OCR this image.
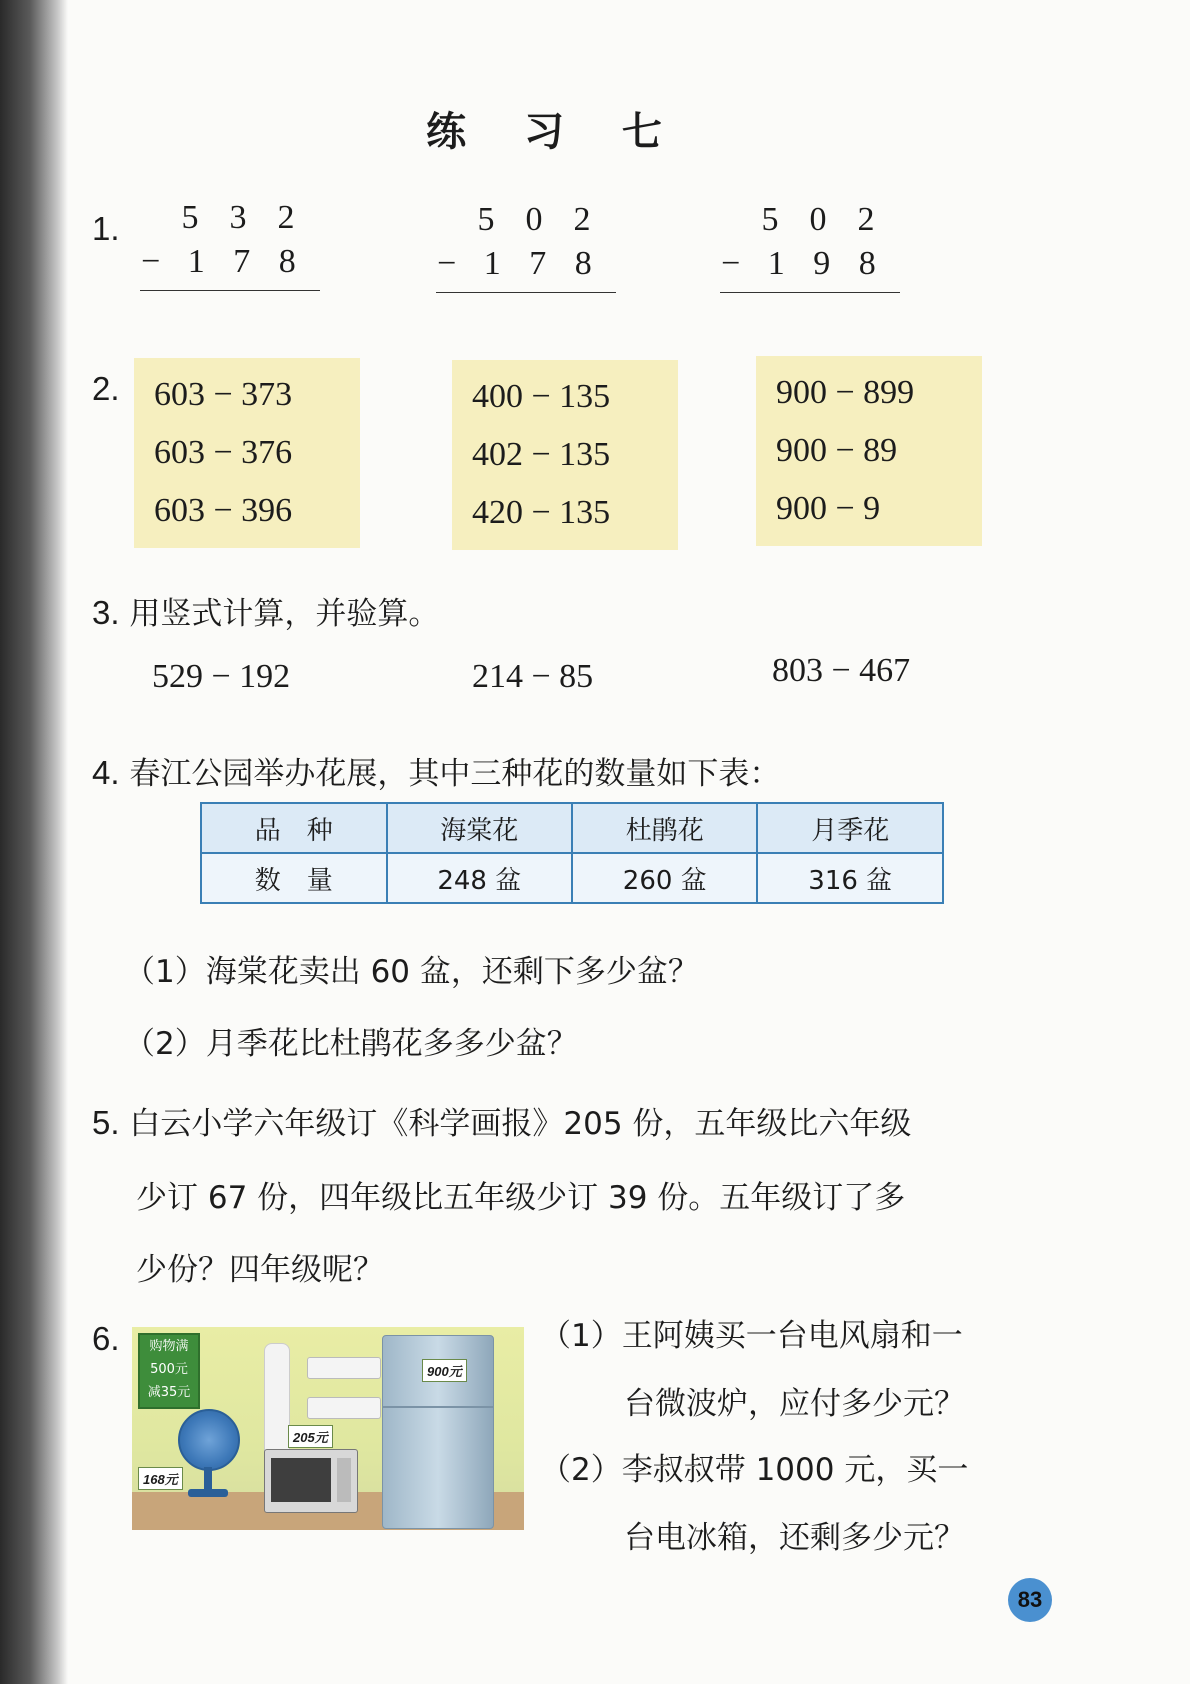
练 习 七
1. 5 3 2
− 1 7 8
5 0 2
− 1 7 8
5 0 2
− 1 9 8
2. 603 − 373
603 − 376
603 − 396
400 − 135
402 − 135
420 − 135
900 − 899
900 − 89
900 − 9
3. 用竖式计算，并验算。
529 − 192	214 − 85	803 − 467
4. 春江公园举办花展，其中三种花的数量如下表：
品　种	海棠花	杜鹃花	月季花
数　量	248 盆	260 盆	316 盆
（1）海棠花卖出 60 盆，还剩下多少盆？
（2）月季花比杜鹃花多多少盆？
5. 白云小学六年级订《科学画报》205 份，五年级比六年级
少订 67 份，四年级比五年级少订 39 份。五年级订了多
少份？四年级呢？
6.
900元
205元
168元
购物满
500元
减35元
（1）王阿姨买一台电风扇和一
台微波炉，应付多少元？
（2）李叔叔带 1000 元，买一
台电冰箱，还剩多少元？
83
